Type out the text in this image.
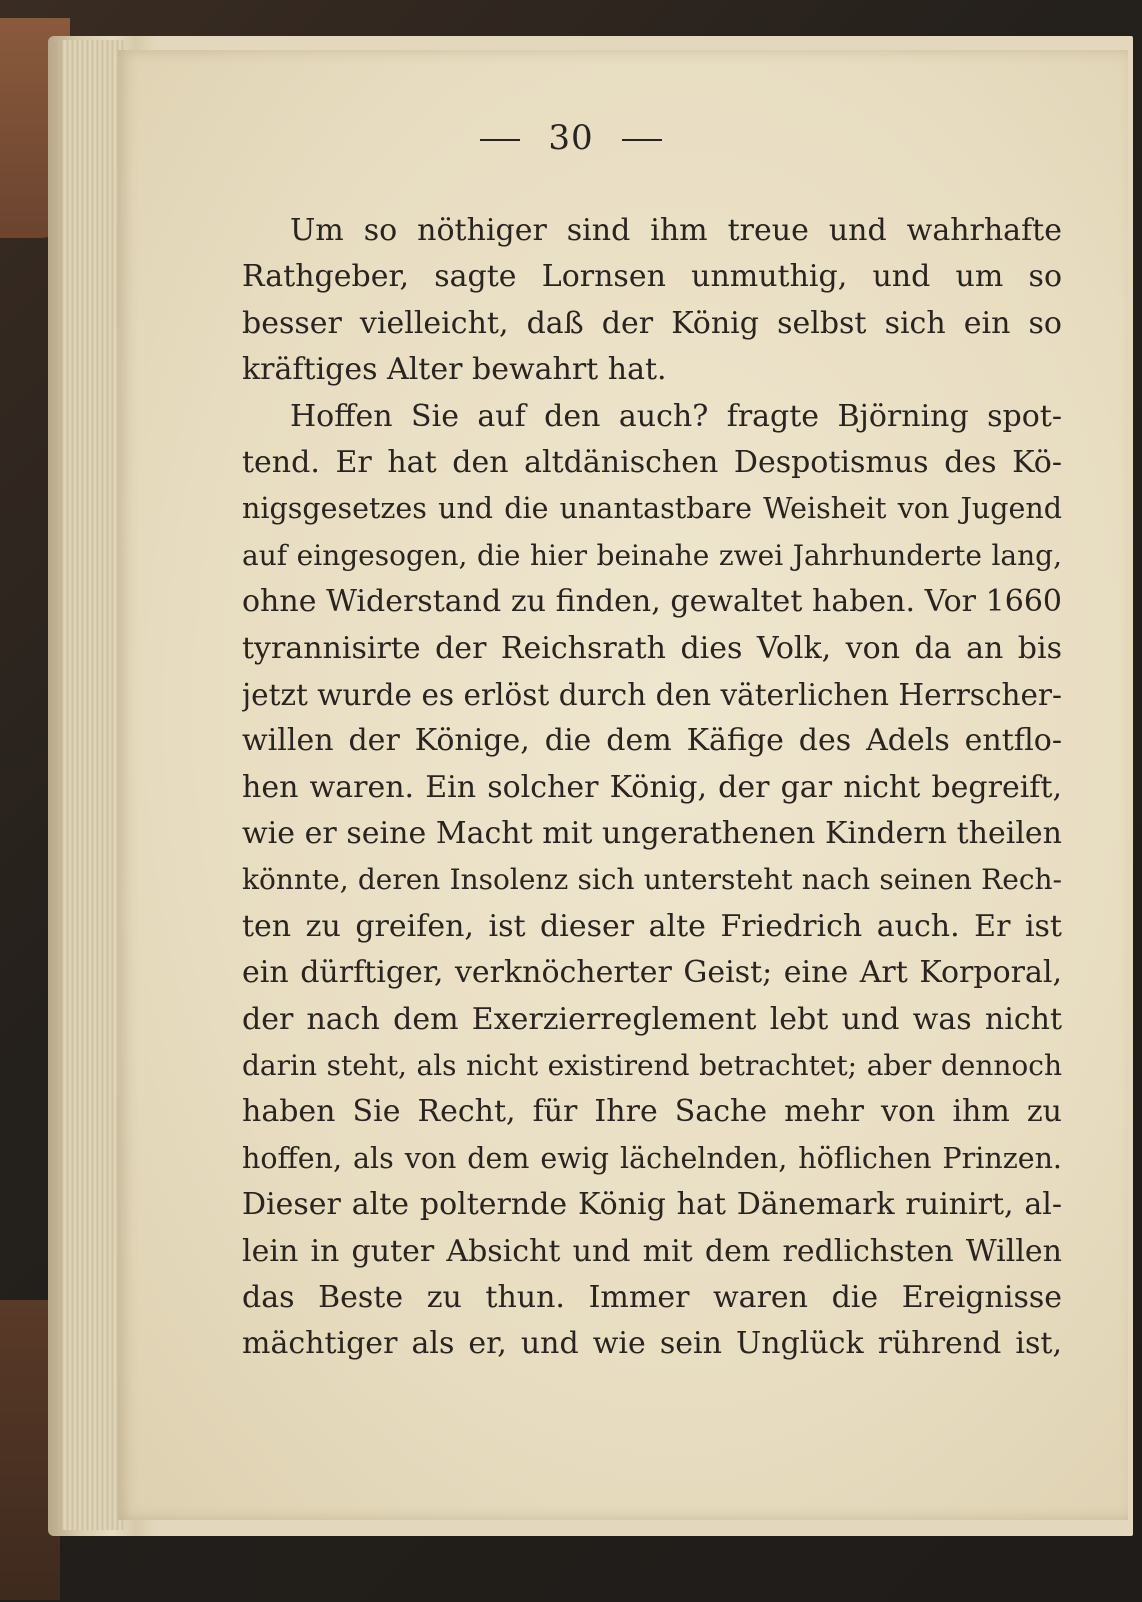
30
Um so nöthiger sind ihm treue und wahrhafte
Rathgeber, sagte Lornsen unmuthig, und um so
besser vielleicht, daß der König selbst sich ein so
kräftiges Alter bewahrt hat.
Hoffen Sie auf den auch? fragte Björning spot-
tend. Er hat den altdänischen Despotismus des Kö-
nigsgesetzes und die unantastbare Weisheit von Jugend
auf eingesogen, die hier beinahe zwei Jahrhunderte lang,
ohne Widerstand zu finden, gewaltet haben. Vor 1660
tyrannisirte der Reichsrath dies Volk, von da an bis
jetzt wurde es erlöst durch den väterlichen Herrscher-
willen der Könige, die dem Käfige des Adels entflo-
hen waren. Ein solcher König, der gar nicht begreift,
wie er seine Macht mit ungerathenen Kindern theilen
könnte, deren Insolenz sich untersteht nach seinen Rech-
ten zu greifen, ist dieser alte Friedrich auch. Er ist
ein dürftiger, verknöcherter Geist; eine Art Korporal,
der nach dem Exerzierreglement lebt und was nicht
darin steht, als nicht existirend betrachtet; aber dennoch
haben Sie Recht, für Ihre Sache mehr von ihm zu
hoffen, als von dem ewig lächelnden, höflichen Prinzen.
Dieser alte polternde König hat Dänemark ruinirt, al-
lein in guter Absicht und mit dem redlichsten Willen
das Beste zu thun. Immer waren die Ereignisse
mächtiger als er, und wie sein Unglück rührend ist,
